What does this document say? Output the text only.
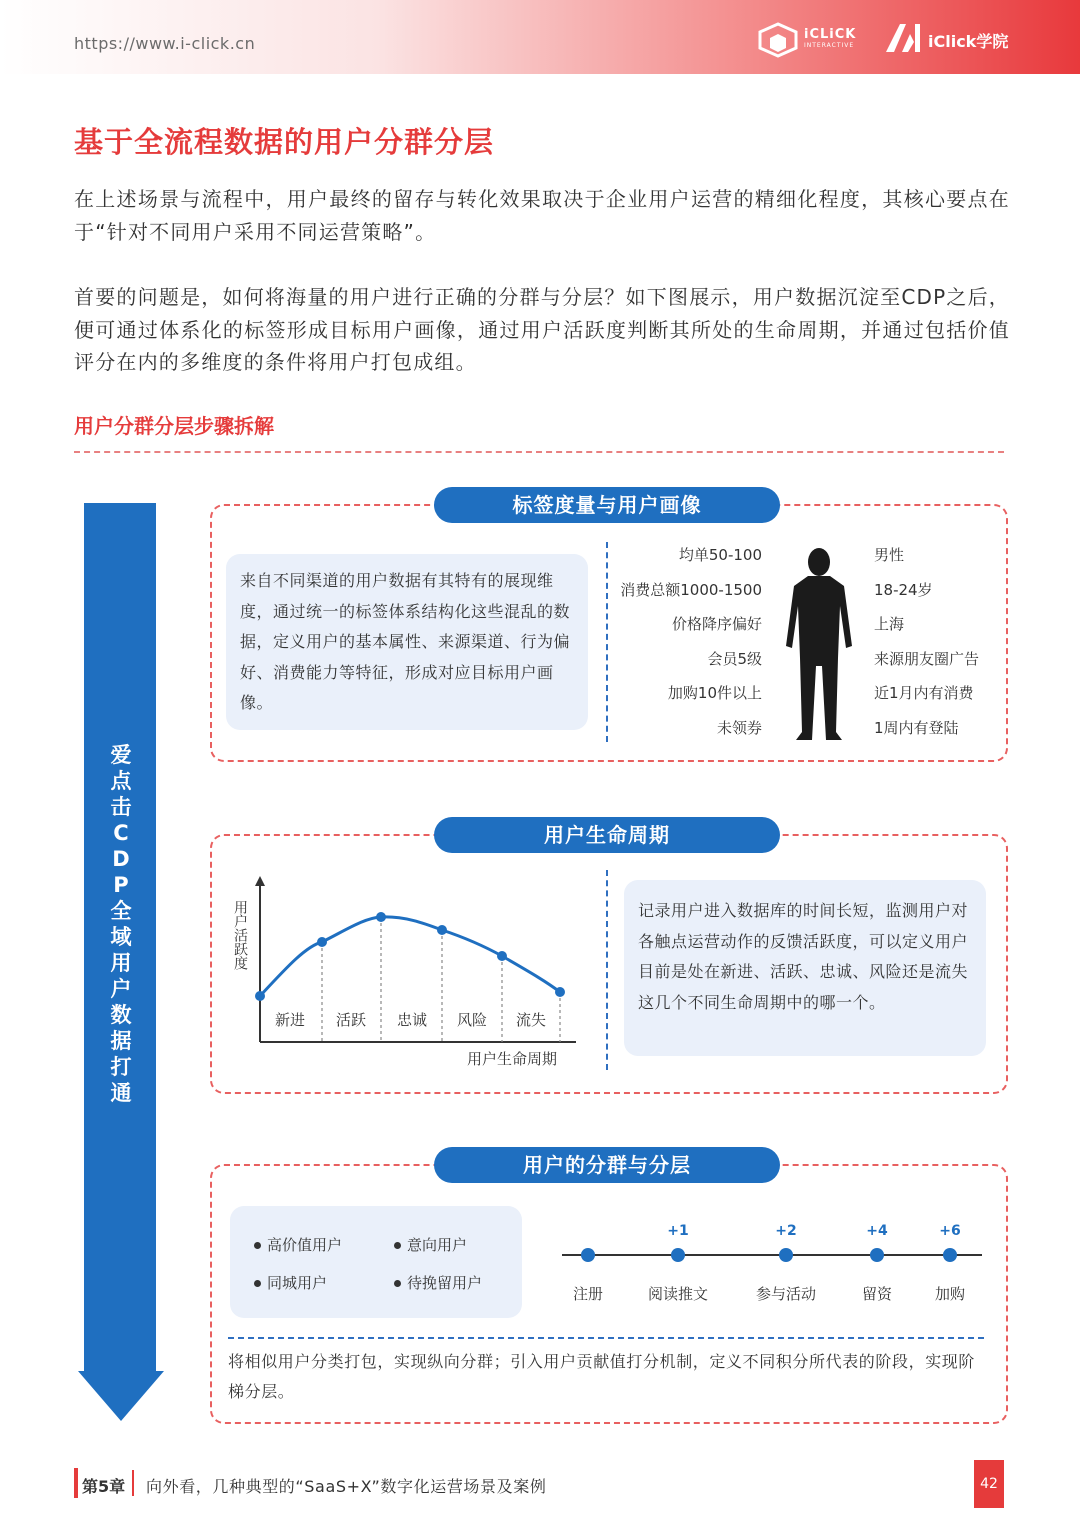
https://www.i-click.cn	iCLiCK
INTERACTIVE	iClick学院
基于全流程数据的用户分群分层
在上述场景与流程中，用户最终的留存与转化效果取决于企业用户运营的精细化程度，其核心要点在于“针对不同用户采用不同运营策略”。
首要的问题是，如何将海量的用户进行正确的分群与分层？如下图展示，用户数据沉淀至CDP之后，便可通过体系化的标签形成目标用户画像，通过用户活跃度判断其所处的生命周期，并通过包括价值评分在内的多维度的条件将用户打包成组。
用户分群分层步骤拆解
爱点击CDP 全域用户数据打通
标签度量与用户画像
来自不同渠道的用户数据有其特有的展现维度，通过统一的标签体系结构化这些混乱的数据，定义用户的基本属性、来源渠道、行为偏好、消费能力等特征，形成对应目标用户画像。
均单50-100
消费总额1000-1500
价格降序偏好
会员5级
加购10件以上
未领券
男性
18-24岁
上海
来源朋友圈广告
近1月内有消费
1周内有登陆
用户生命周期
新进 活跃 忠诚 风险 流失
用户生命周期
用户活跃度	记录用户进入数据库的时间长短，监测用户对各触点运营动作的反馈活跃度，可以定义用户目前是处在新进、活跃、忠诚、风险还是流失这几个不同生命周期中的哪一个。
用户的分群与分层
高价值用户	意向用户
同城用户	待挽留用户
+1	+2	+4	+6
注册	阅读推文	参与活动	留资	加购
将相似用户分类打包，实现纵向分群；引入用户贡献值打分机制，定义不同积分所代表的阶段，实现阶梯分层。
第5章 向外看，几种典型的“SaaS+X”数字化运营场景及案例	42
